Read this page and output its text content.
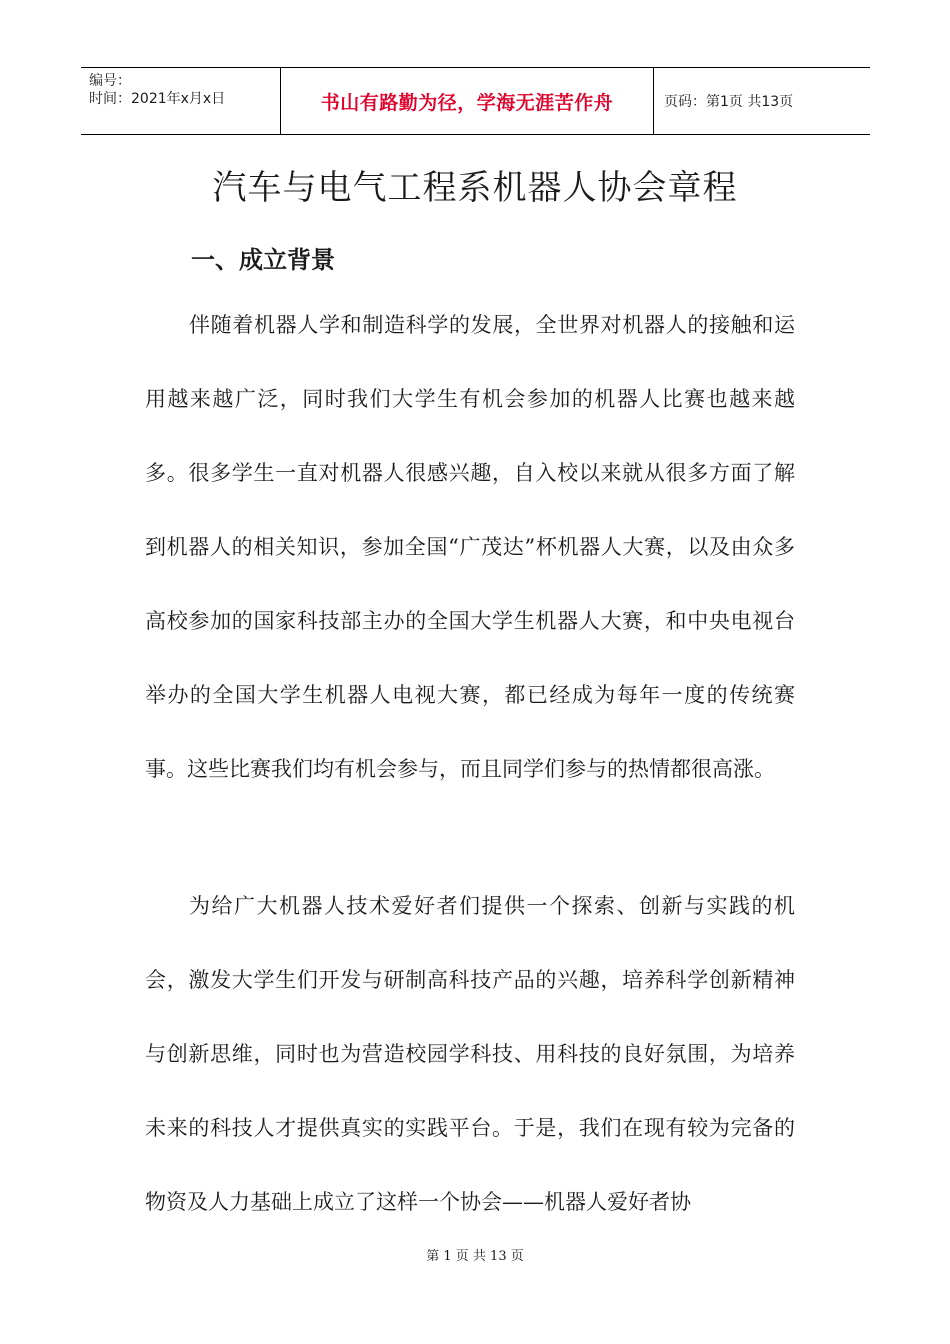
编号：
时间：2021年x月x日	书山有路勤为径，学海无涯苦作舟	页码：第1页 共13页
汽车与电气工程系机器人协会章程
一、成立背景

伴随着机器人学和制造科学的发展，全世界对机器人的接触和运用越来越广泛，同时我们大学生有机会参加的机器人比赛也越来越多。很多学生一直对机器人很感兴趣，自入校以来就从很多方面了解到机器人的相关知识，参加全国“广茂达”杯机器人大赛，以及由众多高校参加的国家科技部主办的全国大学生机器人大赛，和中央电视台举办的全国大学生机器人电视大赛，都已经成为每年一度的传统赛事。这些比赛我们均有机会参与，而且同学们参与的热情都很高涨。

为给广大机器人技术爱好者们提供一个探索、创新与实践的机会，激发大学生们开发与研制高科技产品的兴趣，培养科学创新精神与创新思维，同时也为营造校园学科技、用科技的良好氛围，为培养未来的科技人才提供真实的实践平台。于是，我们在现有较为完备的物资及人力基础上成立了这样一个协会——机器人爱好者协

第 1 页 共 13 页
